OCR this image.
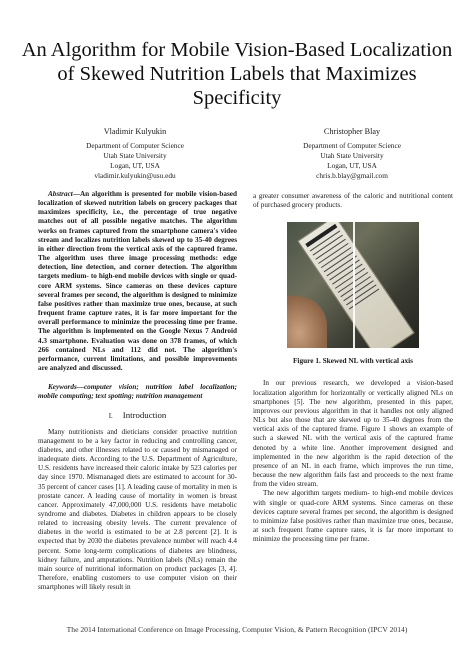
An Algorithm for Mobile Vision-Based Localization of Skewed Nutrition Labels that Maximizes Specificity
Vladimir Kulyukin
Department of Computer Science
Utah State University
Logan, UT, USA
vladimir.kulyukin@usu.edu
Christopher Blay
Department of Computer Science
Utah State University
Logan, UT, USA
chris.b.blay@gmail.com

Abstract—An algorithm is presented for mobile vision-based localization of skewed nutrition labels on grocery packages that maximizes specificity, i.e., the percentage of true negative matches out of all possible negative matches. The algorithm works on frames captured from the smartphone camera's video stream and localizes nutrition labels skewed up to 35-40 degrees in either direction from the vertical axis of the captured frame. The algorithm uses three image processing methods: edge detection, line detection, and corner detection. The algorithm targets medium- to high-end mobile devices with single or quad-core ARM systems. Since cameras on these devices capture several frames per second, the algorithm is designed to minimize false positives rather than maximize true ones, because, at such frequent frame capture rates, it is far more important for the overall performance to minimize the processing time per frame. The algorithm is implemented on the Google Nexus 7 Android 4.3 smartphone. Evaluation was done on 378 frames, of which 266 contained NLs and 112 did not. The algorithm's performance, current limitations, and possible improvements are analyzed and discussed.

Keywords—computer vision; nutrition label localization; mobile computing; text spotting; nutrition management

I. Introduction

Many nutritionists and dieticians consider proactive nutrition management to be a key factor in reducing and controlling cancer, diabetes, and other illnesses related to or caused by mismanaged or inadequate diets. According to the U.S. Department of Agriculture, U.S. residents have increased their caloric intake by 523 calories per day since 1970. Mismanaged diets are estimated to account for 30-35 percent of cancer cases [1]. A leading cause of mortality in men is prostate cancer. A leading cause of mortality in women is breast cancer. Approximately 47,000,000 U.S. residents have metabolic syndrome and diabetes. Diabetes in children appears to be closely related to increasing obesity levels. The current prevalence of diabetes in the world is estimated to be at 2.8 percent [2]. It is expected that by 2030 the diabetes prevalence number will reach 4.4 percent. Some long-term complications of diabetes are blindness, kidney failure, and amputations. Nutrition labels (NLs) remain the main source of nutritional information on product packages [3, 4]. Therefore, enabling customers to use computer vision on their smartphones will likely result in

a greater consumer awareness of the caloric and nutritional content of purchased grocery products.

Figure 1. Skewed NL with vertical axis

In our previous research, we developed a vision-based localization algorithm for horizontally or vertically aligned NLs on smartphones [5]. The new algorithm, presented in this paper, improves our previous algorithm in that it handles not only aligned NLs but also those that are skewed up to 35-40 degrees from the vertical axis of the captured frame. Figure 1 shows an example of such a skewed NL with the vertical axis of the captured frame denoted by a white line. Another improvement designed and implemented in the new algorithm is the rapid detection of the presence of an NL in each frame, which improves the run time, because the new algorithm fails fast and proceeds to the next frame from the video stream.

The new algorithm targets medium- to high-end mobile devices with single or quad-core ARM systems. Since cameras on these devices capture several frames per second, the algorithm is designed to minimize false positives rather than maximize true ones, because, at such frequent frame capture rates, it is far more important to minimize the processing time per frame.

The 2014 International Conference on Image Processing, Computer Vision, & Pattern Recognition (IPCV 2014)
